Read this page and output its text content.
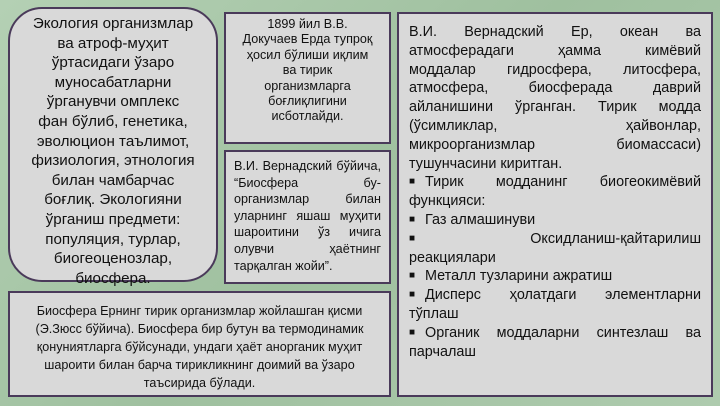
Экология организмлар
ва атроф-муҳит
ўртасидаги ўзаро
муносабатларни
ўрганувчи омплекс
фан бўлиб, генетика,
эволюцион таълимот,
физиология, этнология
билан чамбарчас
боғлиқ. Экологияни
ўрганиш предмети:
популяция, турлар,
биогеоценозлар,
биосфера.
1899 йил В.В.
Докучаев Ерда тупроқ
ҳосил бўлиши иқлим
ва тирик
организмларга
боғлиқлигини
исботлайди.
В.И. Вернадский бўйича, “Биосфера бу- организмлар билан уларнинг яшаш муҳити шароитини ўз ичига олувчи ҳаётнинг тарқалган жойи”.
Биосфера Ернинг тирик организмлар жойлашган қисми (Э.Зюсс бўйича). Биосфера бир бутун ва термодинамик қонуниятларга бўйсунади, ундаги ҳаёт анорганик муҳит шароити билан барча тирикликнинг доимий ва ўзаро таъсирида бўлади.
В.И. Вернадский Ер, океан ва
атмосферадаги ҳамма кимёвий
моддалар гидросфера, литосфера,
атмосфера, биосферада даврий
айланишини ўрганган. Тирик модда
(ўсимликлар, ҳайвонлар,
микроорганизмлар биомассаси)
тушунчасини киритган.
■ Тирик модданинг биогеокимёвий
функцияси:
■ Газ алмашинуви
■	Оксидланиш-қайтарилиш
реакциялари
■ Металл тузларини ажратиш
■ Дисперс ҳолатдаги элементларни
тўплаш
■ Органик моддаларни синтезлаш ва
парчалаш
